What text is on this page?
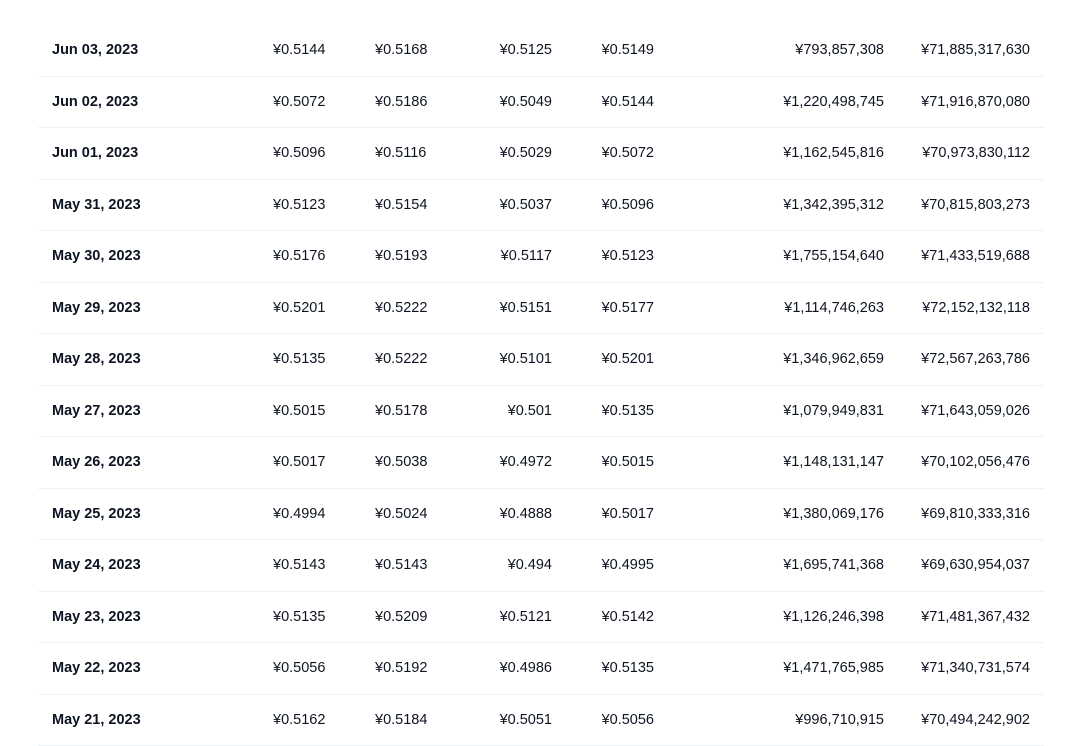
Jun 03, 2023	¥0.5144	¥0.5168	¥0.5125	¥0.5149	¥793,857,308	¥71,885,317,630
Jun 02, 2023	¥0.5072	¥0.5186	¥0.5049	¥0.5144	¥1,220,498,745	¥71,916,870,080
Jun 01, 2023	¥0.5096	¥0.5116	¥0.5029	¥0.5072	¥1,162,545,816	¥70,973,830,112
May 31, 2023	¥0.5123	¥0.5154	¥0.5037	¥0.5096	¥1,342,395,312	¥70,815,803,273
May 30, 2023	¥0.5176	¥0.5193	¥0.5117	¥0.5123	¥1,755,154,640	¥71,433,519,688
May 29, 2023	¥0.5201	¥0.5222	¥0.5151	¥0.5177	¥1,114,746,263	¥72,152,132,118
May 28, 2023	¥0.5135	¥0.5222	¥0.5101	¥0.5201	¥1,346,962,659	¥72,567,263,786
May 27, 2023	¥0.5015	¥0.5178	¥0.501	¥0.5135	¥1,079,949,831	¥71,643,059,026
May 26, 2023	¥0.5017	¥0.5038	¥0.4972	¥0.5015	¥1,148,131,147	¥70,102,056,476
May 25, 2023	¥0.4994	¥0.5024	¥0.4888	¥0.5017	¥1,380,069,176	¥69,810,333,316
May 24, 2023	¥0.5143	¥0.5143	¥0.494	¥0.4995	¥1,695,741,368	¥69,630,954,037
May 23, 2023	¥0.5135	¥0.5209	¥0.5121	¥0.5142	¥1,126,246,398	¥71,481,367,432
May 22, 2023	¥0.5056	¥0.5192	¥0.4986	¥0.5135	¥1,471,765,985	¥71,340,731,574
May 21, 2023	¥0.5162	¥0.5184	¥0.5051	¥0.5056	¥996,710,915	¥70,494,242,902
